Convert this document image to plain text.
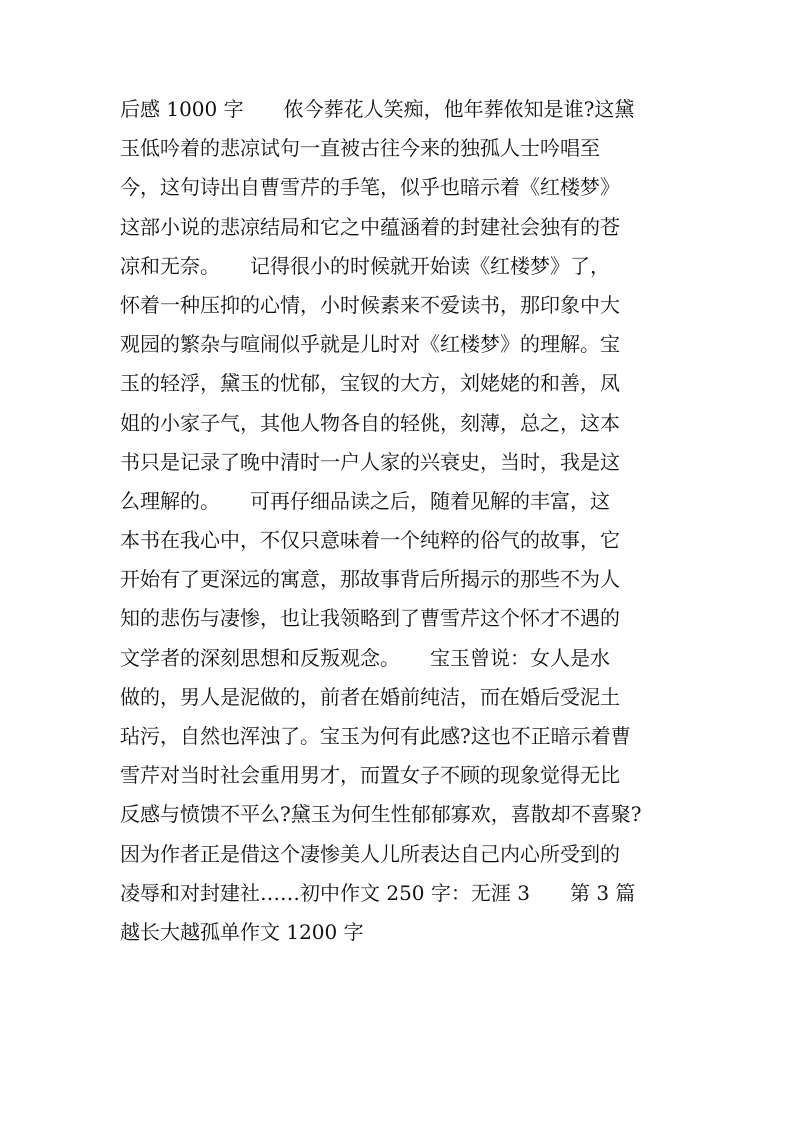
后感 1000 字　　侬今葬花人笑痴，他年葬侬知是谁?这黛
玉低吟着的悲凉试句一直被古往今来的独孤人士吟唱至
今，这句诗出自曹雪芹的手笔，似乎也暗示着《红楼梦》
这部小说的悲凉结局和它之中蕴涵着的封建社会独有的苍
凉和无奈。　　记得很小的时候就开始读《红楼梦》了，
怀着一种压抑的心情，小时候素来不爱读书，那印象中大
观园的繁杂与喧闹似乎就是儿时对《红楼梦》的理解。宝
玉的轻浮，黛玉的忧郁，宝钗的大方，刘姥姥的和善，凤
姐的小家子气，其他人物各自的轻佻，刻薄，总之，这本
书只是记录了晚中清时一户人家的兴衰史，当时，我是这
么理解的。　　可再仔细品读之后，随着见解的丰富，这
本书在我心中，不仅只意味着一个纯粹的俗气的故事，它
开始有了更深远的寓意，那故事背后所揭示的那些不为人
知的悲伤与凄惨，也让我领略到了曹雪芹这个怀才不遇的
文学者的深刻思想和反叛观念。　　宝玉曾说：女人是水
做的，男人是泥做的，前者在婚前纯洁，而在婚后受泥土
玷污，自然也浑浊了。宝玉为何有此感?这也不正暗示着曹
雪芹对当时社会重用男才，而置女子不顾的现象觉得无比
反感与愤馈不平么?黛玉为何生性郁郁寡欢，喜散却不喜聚?
因为作者正是借这个凄惨美人儿所表达自己内心所受到的
凌辱和对封建社……初中作文 250 字：无涯 3　　第 3 篇
越长大越孤单作文 1200 字
